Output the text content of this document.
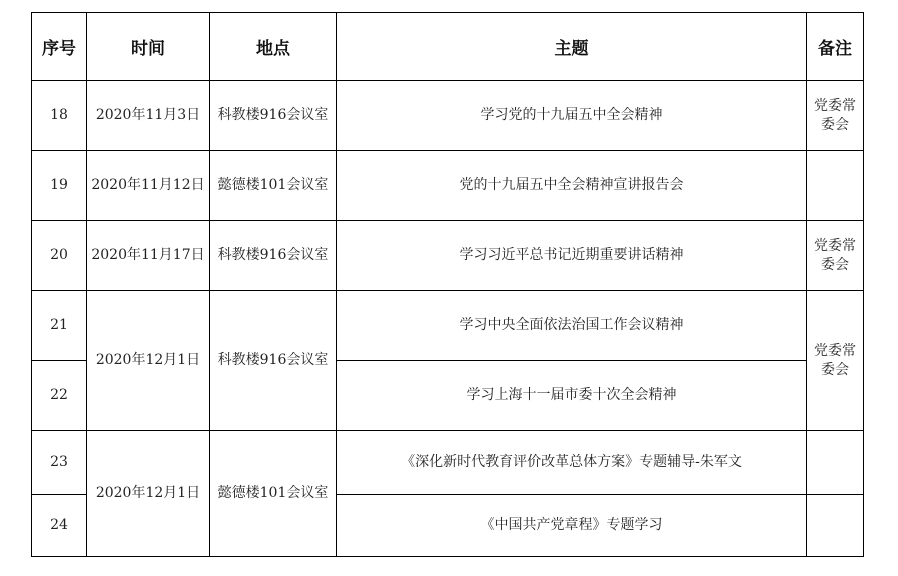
序号	时间	地点	主题	备注
18	2020年11月3日	科教楼916会议室	学习党的十九届五中全会精神	党委常委会
19	2020年11月12日	懿德楼101会议室	党的十九届五中全会精神宣讲报告会	
20	2020年11月17日	科教楼916会议室	学习习近平总书记近期重要讲话精神	党委常委会
21	2020年12月1日	科教楼916会议室	学习中央全面依法治国工作会议精神	党委常委会
22			学习上海十一届市委十次全会精神	
23	2020年12月1日	懿德楼101会议室	《深化新时代教育评价改革总体方案》专题辅导-朱军文	
24			《中国共产党章程》专题学习	
